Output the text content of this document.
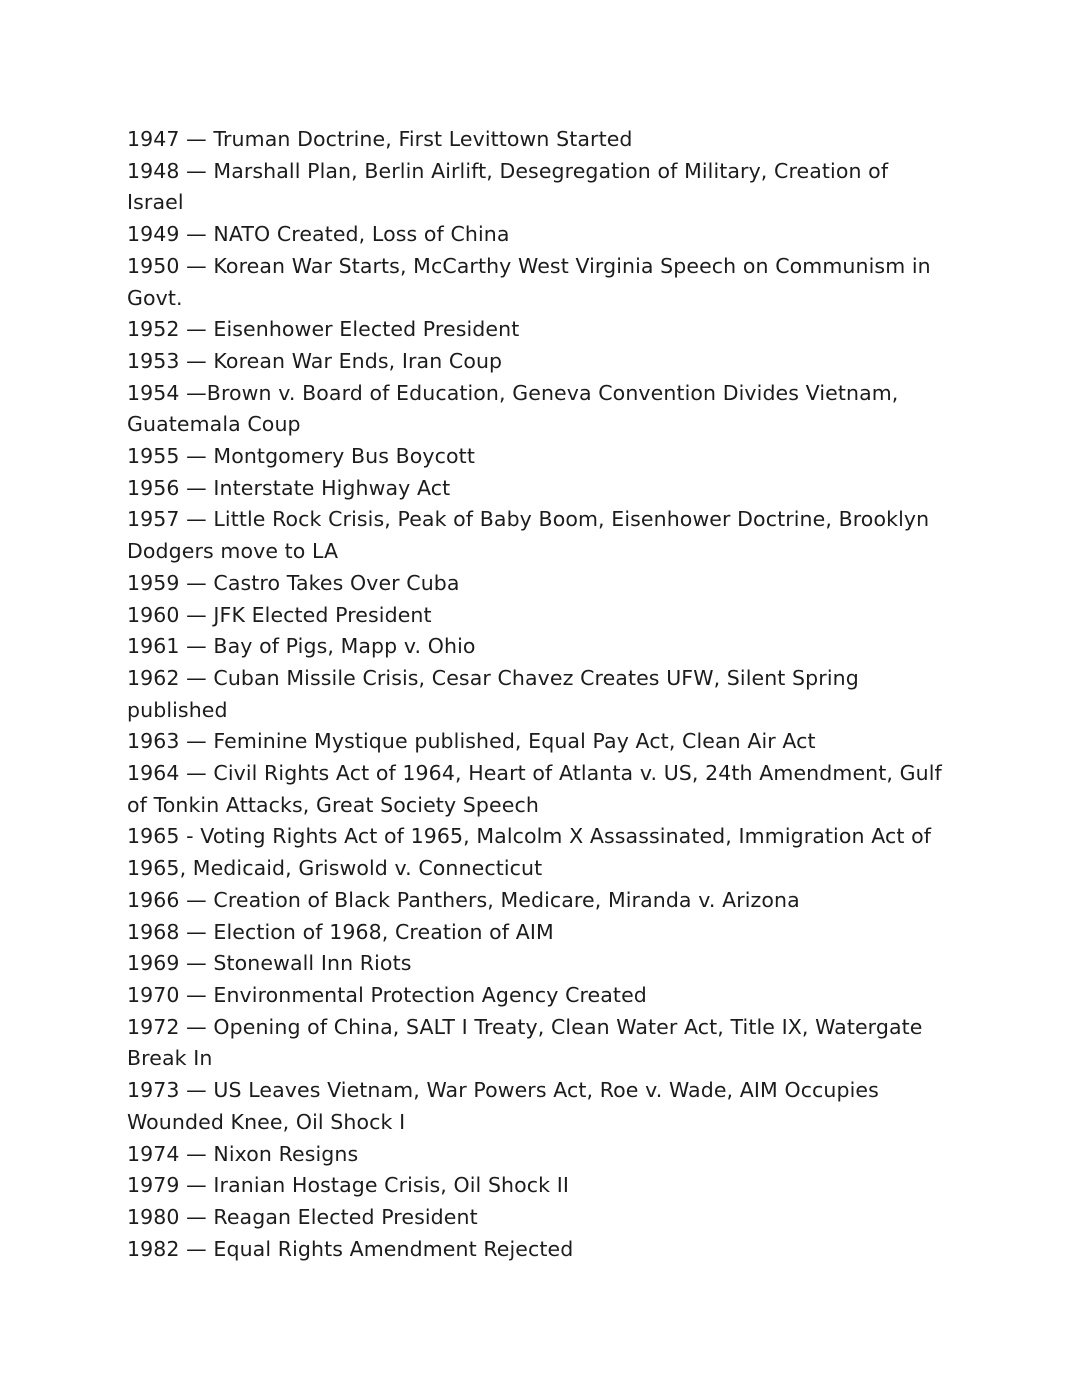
1947 — Truman Doctrine, First Levittown Started
1948 — Marshall Plan, Berlin Airlift, Desegregation of Military, Creation of Israel
1949 — NATO Created, Loss of China
1950 — Korean War Starts, McCarthy West Virginia Speech on Communism in Govt.
1952 — Eisenhower Elected President
1953 — Korean War Ends, Iran Coup
1954 —Brown v. Board of Education, Geneva Convention Divides Vietnam, Guatemala Coup
1955 — Montgomery Bus Boycott
1956 — Interstate Highway Act
1957 — Little Rock Crisis, Peak of Baby Boom, Eisenhower Doctrine, Brooklyn Dodgers move to LA
1959 — Castro Takes Over Cuba
1960 — JFK Elected President
1961 — Bay of Pigs, Mapp v. Ohio
1962 — Cuban Missile Crisis, Cesar Chavez Creates UFW, Silent Spring published
1963 — Feminine Mystique published, Equal Pay Act, Clean Air Act
1964 — Civil Rights Act of 1964, Heart of Atlanta v. US, 24th Amendment, Gulf of Tonkin Attacks, Great Society Speech
1965 - Voting Rights Act of 1965, Malcolm X Assassinated, Immigration Act of 1965, Medicaid, Griswold v. Connecticut
1966 — Creation of Black Panthers, Medicare, Miranda v. Arizona
1968 — Election of 1968, Creation of AIM
1969 — Stonewall Inn Riots
1970 — Environmental Protection Agency Created
1972 — Opening of China, SALT I Treaty, Clean Water Act, Title IX, Watergate Break In
1973 — US Leaves Vietnam, War Powers Act, Roe v. Wade, AIM Occupies Wounded Knee, Oil Shock I
1974 — Nixon Resigns
1979 — Iranian Hostage Crisis, Oil Shock II
1980 — Reagan Elected President
1982 — Equal Rights Amendment Rejected
